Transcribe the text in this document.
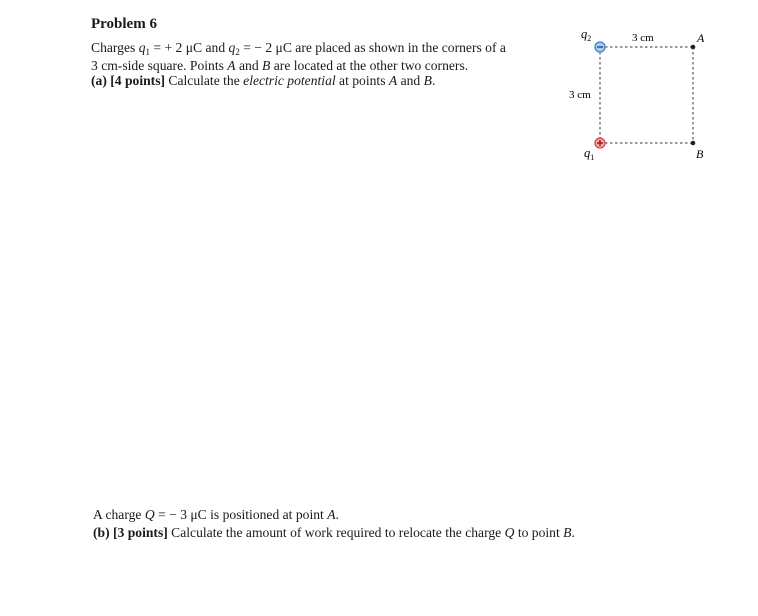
Problem 6
Charges $q_1$ = + 2 μC and $q_2$ = − 2 μC are placed as shown in the corners of a
3 cm-side square. Points A and B are located at the other two corners.
(a) [4 points] Calculate the electric potential at points A and B.
A charge Q = − 3 μC is positioned at point A.
(b) [3 points] Calculate the amount of work required to relocate the charge Q to point B.
$q_2$
$q_1$
3 cm
3 cm
A
B
